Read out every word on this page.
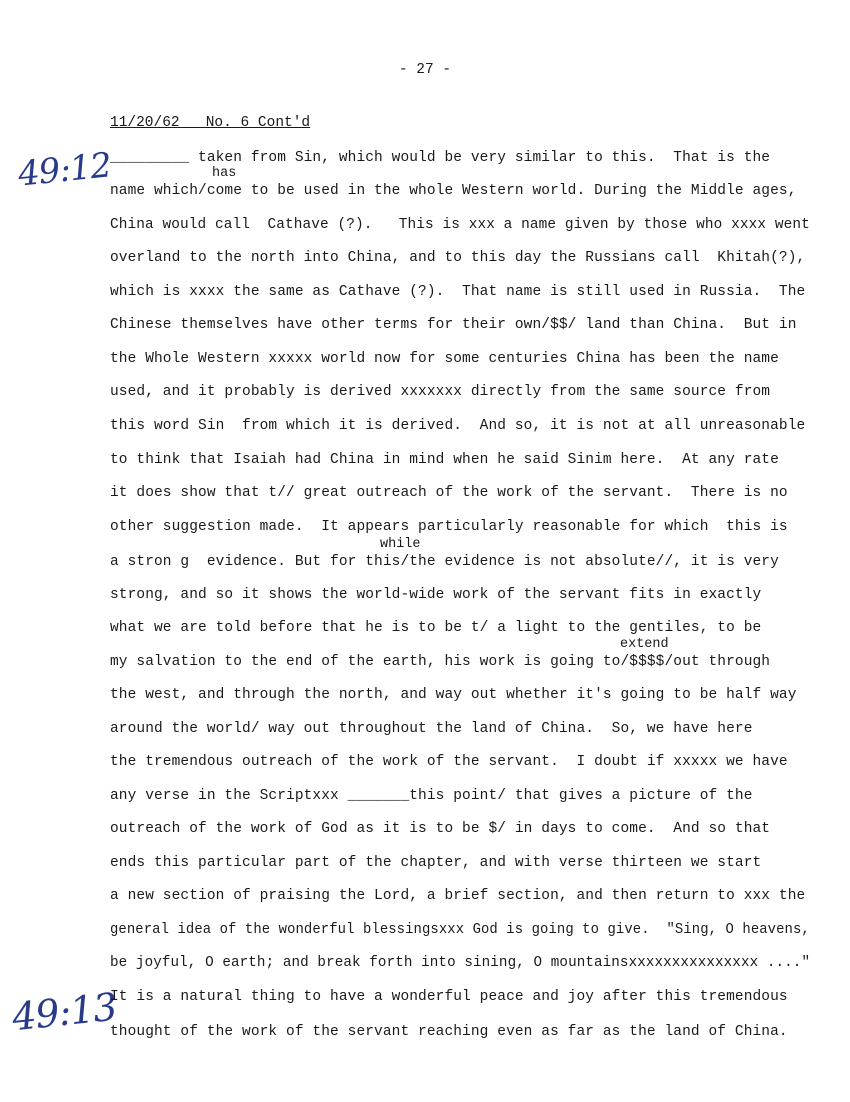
- 27 -
11/20/62   No. 6 Cont'd
49:12
49:13
has
while
extend
_________ taken from Sin, which would be very similar to this.  That is the
name which/come to be used in the whole Western world. During the Middle ages,
China would call  Cathave (?).   This is xxx a name given by those who xxxx went
overland to the north into China, and to this day the Russians call  Khitah(?),
which is xxxx the same as Cathave (?).  That name is still used in Russia.  The
Chinese themselves have other terms for their own/$$/ land than China.  But in
the Whole Western xxxxx world now for some centuries China has been the name
used, and it probably is derived xxxxxxx directly from the same source from
this word Sin  from which it is derived.  And so, it is not at all unreasonable
to think that Isaiah had China in mind when he said Sinim here.  At any rate
it does show that t// great outreach of the work of the servant.  There is no
other suggestion made.  It appears particularly reasonable for which  this is
a stron g  evidence. But for this/the evidence is not absolute//, it is very
strong, and so it shows the world-wide work of the servant fits in exactly
what we are told before that he is to be t/ a light to the gentiles, to be
my salvation to the end of the earth, his work is going to/$$$$/out through
the west, and through the north, and way out whether it's going to be half way
around the world/ way out throughout the land of China.  So, we have here
the tremendous outreach of the work of the servant.  I doubt if xxxxx we have
any verse in the Scriptxxx _______this point/ that gives a picture of the
outreach of the work of God as it is to be $/ in days to come.  And so that
ends this particular part of the chapter, and with verse thirteen we start
a new section of praising the Lord, a brief section, and then return to xxx the
general idea of the wonderful blessingsxxx God is going to give.  "Sing, O heavens,
be joyful, O earth; and break forth into sining, O mountainsxxxxxxxxxxxxxxx ...."
It is a natural thing to have a wonderful peace and joy after this tremendous
thought of the work of the servant reaching even as far as the land of China.
